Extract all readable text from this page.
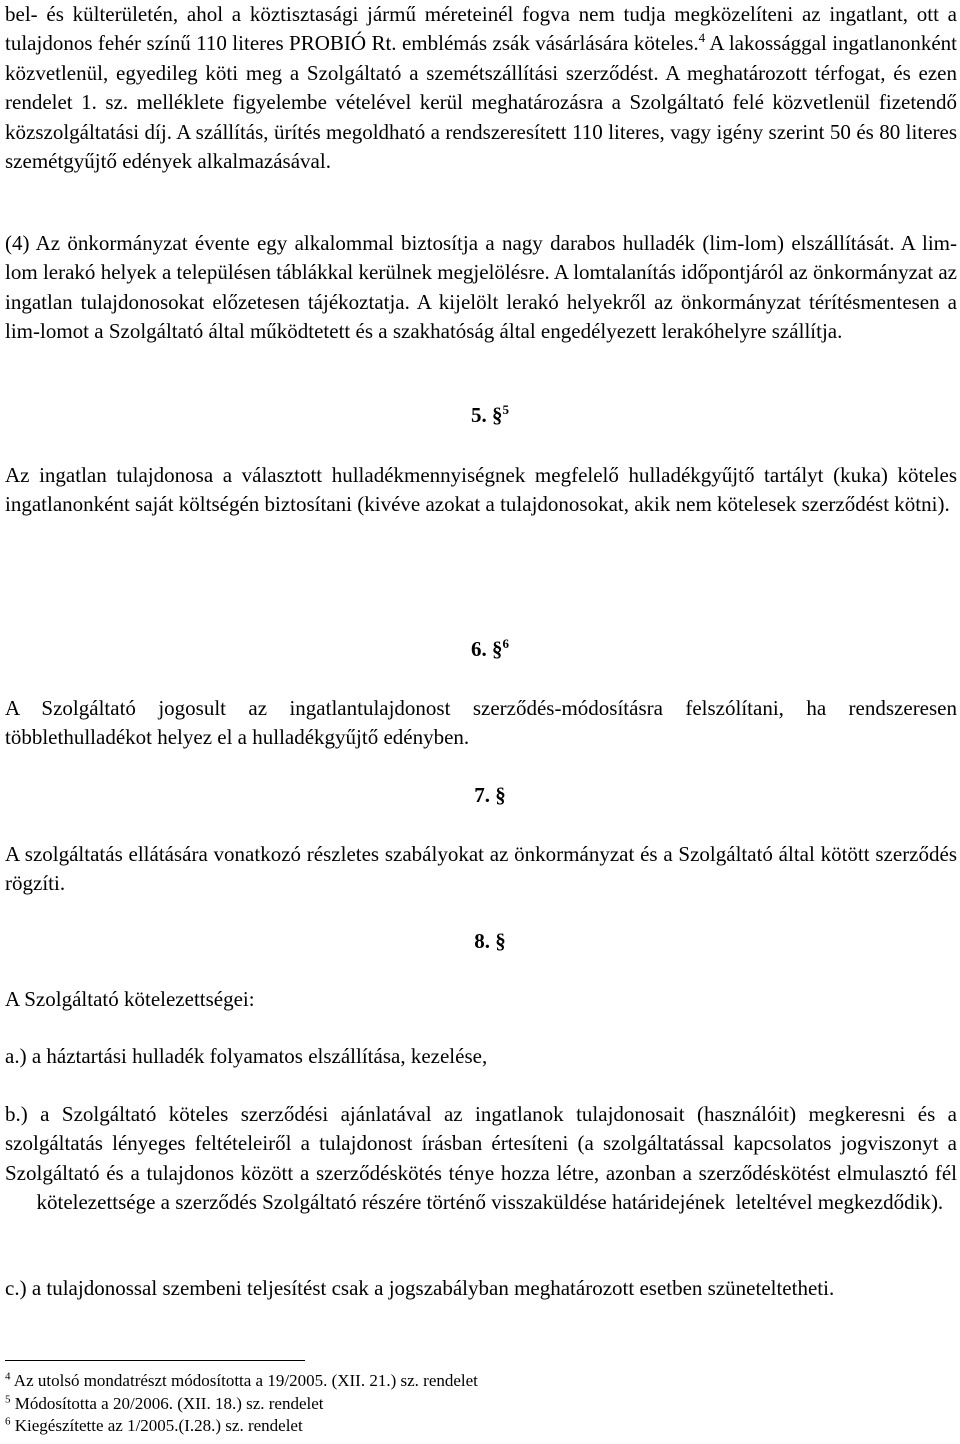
bel- és külterületén, ahol a köztisztasági jármű méreteinél fogva nem tudja megközelíteni az ingatlant, ott a tulajdonos fehér színű 110 literes PROBIÓ Rt. emblémás zsák vásárlására köteles.$^4$ A lakossággal ingatlanonként közvetlenül, egyedileg köti meg a Szolgáltató a szemétszállítási szerződést. A meghatározott térfogat, és ezen rendelet 1. sz. melléklete figyelembe vételével kerül meghatározásra a Szolgáltató felé közvetlenül fizetendő közszolgáltatási díj. A szállítás, ürítés megoldható a rendszeresített 110 literes, vagy igény szerint 50 és 80 literes szemétgyűjtő edények alkalmazásával.

(4) Az önkormányzat évente egy alkalommal biztosítja a nagy darabos hulladék (lim-lom) elszállítását. A lim-lom lerakó helyek a településen táblákkal kerülnek megjelölésre. A lomtalanítás időpontjáról az önkormányzat az ingatlan tulajdonosokat előzetesen tájékoztatja. A kijelölt lerakó helyekről az önkormányzat térítésmentesen a lim-lomot a Szolgáltató által működtetett és a szakhatóság által engedélyezett lerakóhelyre szállítja.

5. §$^5$

Az ingatlan tulajdonosa a választott hulladékmennyiségnek megfelelő hulladékgyűjtő tartályt (kuka) köteles ingatlanonként saját költségén biztosítani (kivéve azokat a tulajdonosokat, akik nem kötelesek szerződést kötni).

6. §$^6$

A Szolgáltató jogosult az ingatlantulajdonost szerződés-módosításra felszólítani, ha rendszeresen többlethulladékot helyez el a hulladékgyűjtő edényben.

7. §

A szolgáltatás ellátására vonatkozó részletes szabályokat az önkormányzat és a Szolgáltató által kötött szerződés rögzíti.

8. §

A Szolgáltató kötelezettségei:

a.) a háztartási hulladék folyamatos elszállítása, kezelése,

b.) a Szolgáltató köteles szerződési ajánlatával az ingatlanok tulajdonosait (használóit) megkeresni és a szolgáltatás lényeges feltételeiről a tulajdonost írásban értesíteni (a szolgáltatással kapcsolatos jogviszonyt a Szolgáltató és a tulajdonos között a szerződéskötés ténye hozza létre, azonban a szerződéskötést elmulasztó fél       kötelezettsége a szerződés Szolgáltató részére történő visszaküldése határidejének  leteltével megkezdődik).

c.) a tulajdonossal szembeni teljesítést csak a jogszabályban meghatározott esetben szüneteltetheti.

$^4$ Az utolsó mondatrészt módosította a 19/2005. (XII. 21.) sz. rendelet

$^5$ Módosította a 20/2006. (XII. 18.) sz. rendelet

$^6$ Kiegészítette az 1/2005.(I.28.) sz. rendelet
